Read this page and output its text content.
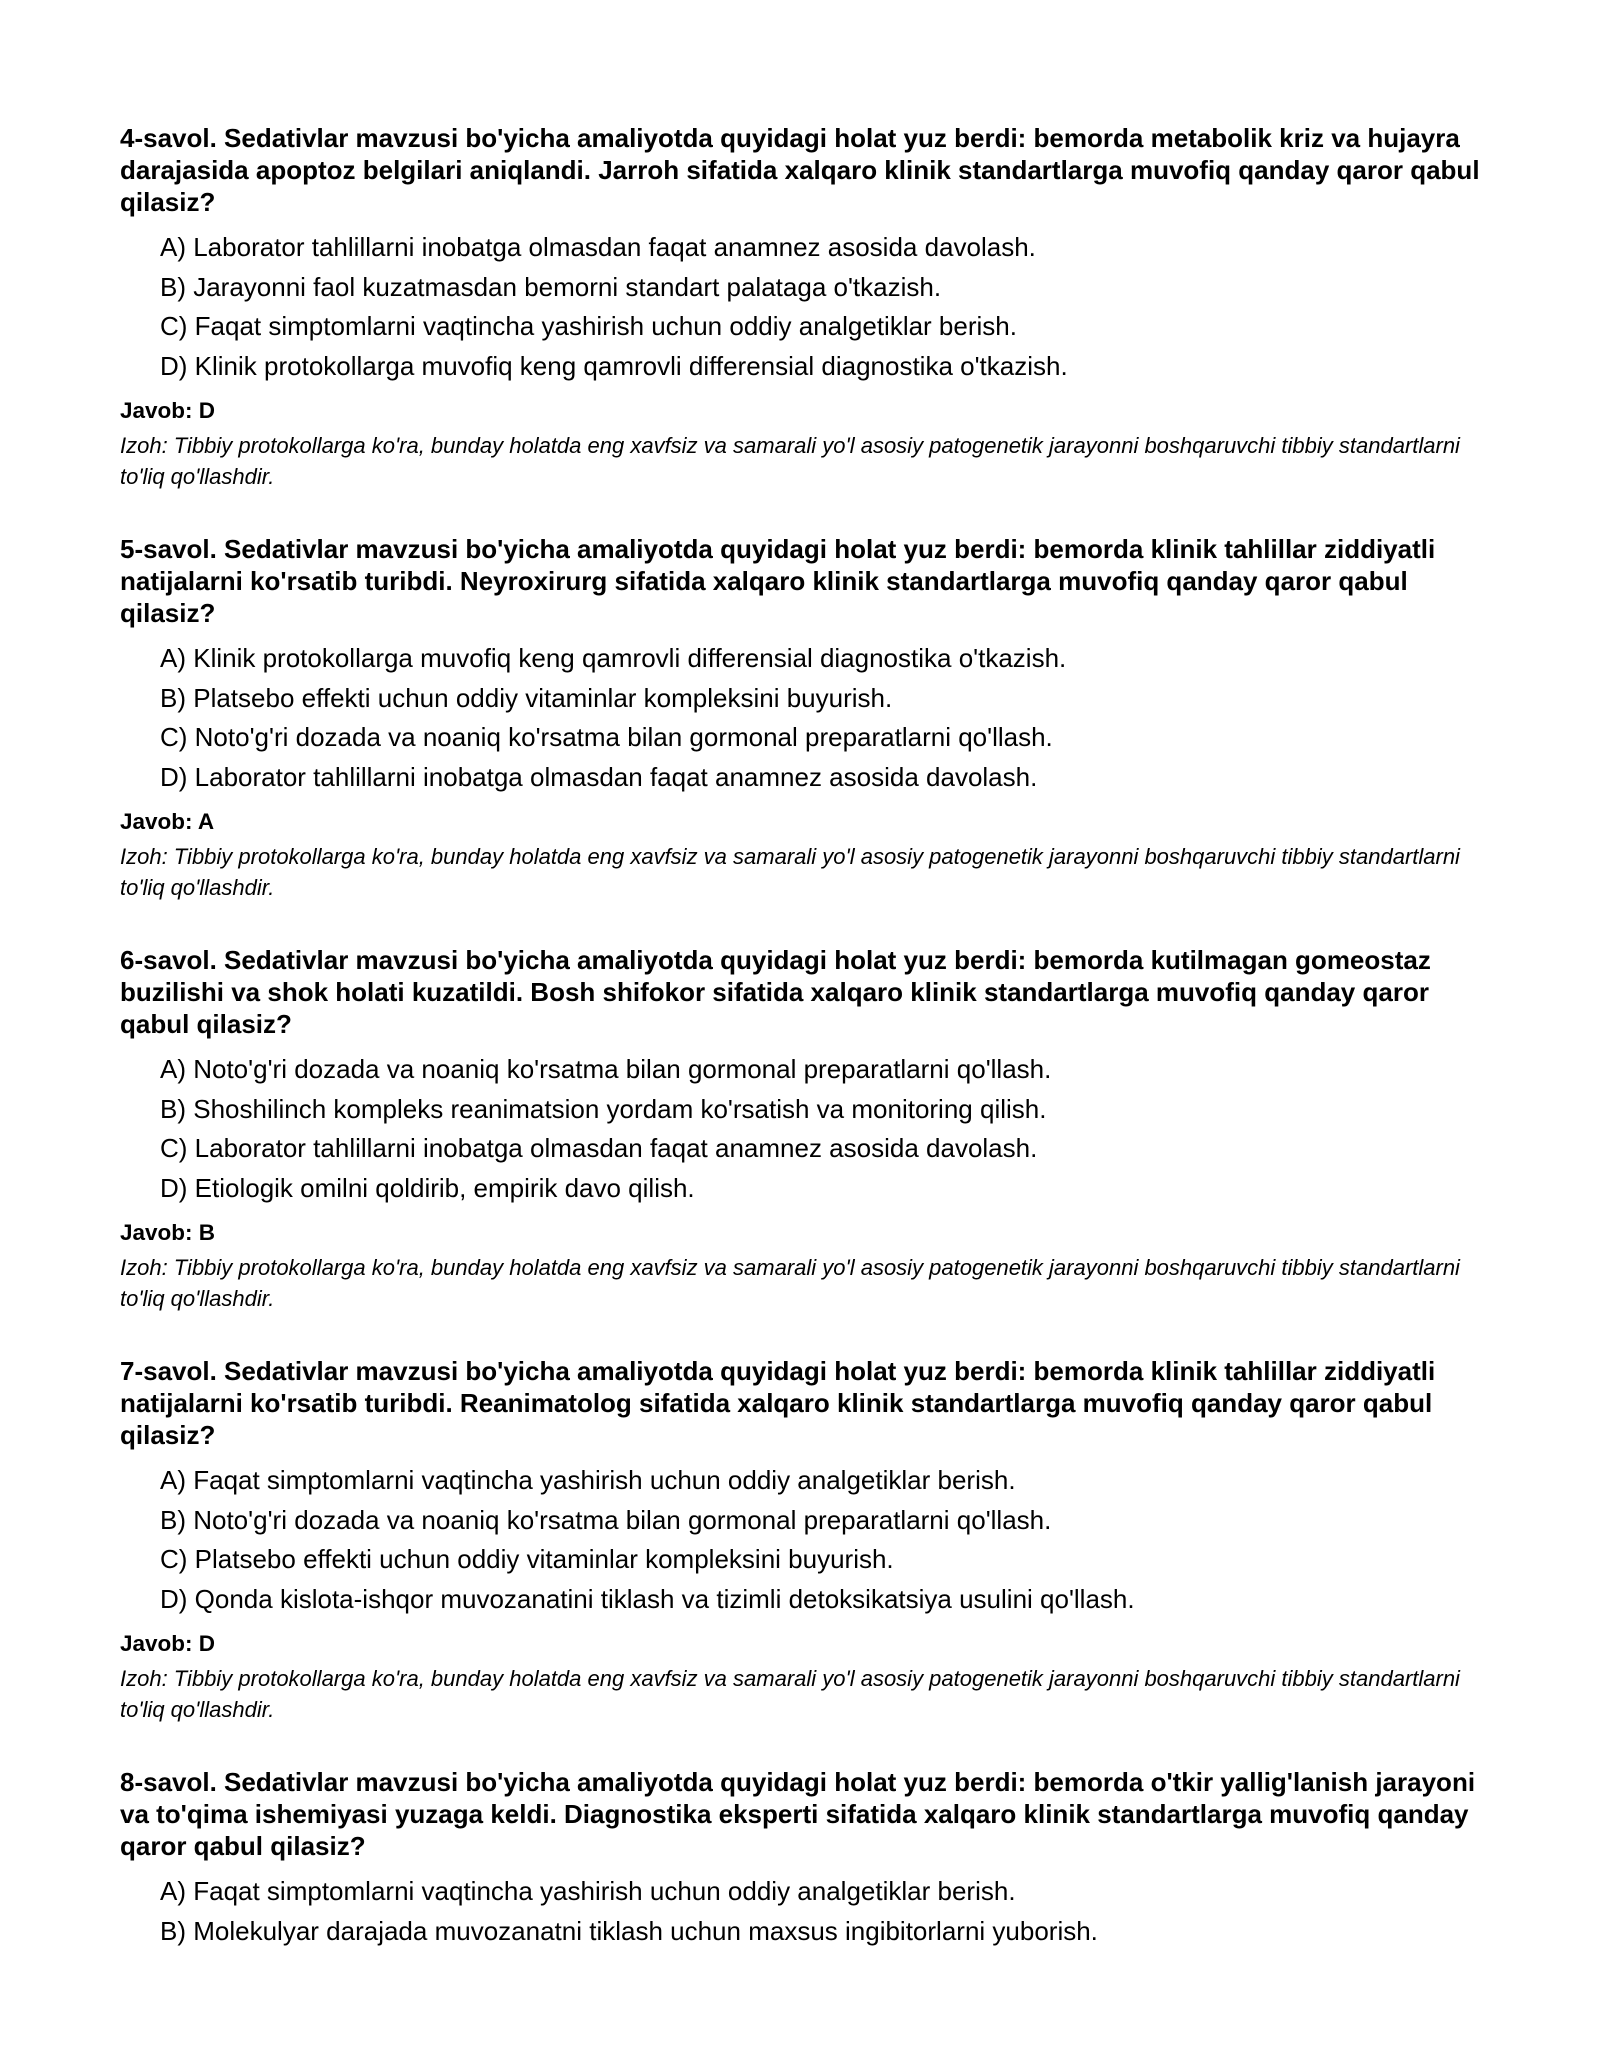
4-savol. Sedativlar mavzusi bo'yicha amaliyotda quyidagi holat yuz berdi: bemorda metabolik kriz va hujayra darajasida apoptoz belgilari aniqlandi. Jarroh sifatida xalqaro klinik standartlarga muvofiq qanday qaror qabul qilasiz?

A) Laborator tahlillarni inobatga olmasdan faqat anamnez asosida davolash.
B) Jarayonni faol kuzatmasdan bemorni standart palataga o'tkazish.
C) Faqat simptomlarni vaqtincha yashirish uchun oddiy analgetiklar berish.
D) Klinik protokollarga muvofiq keng qamrovli differensial diagnostika o'tkazish.

Javob: D

Izoh: Tibbiy protokollarga ko'ra, bunday holatda eng xavfsiz va samarali yo'l asosiy patogenetik jarayonni boshqaruvchi tibbiy standartlarni to'liq qo'llashdir.

5-savol. Sedativlar mavzusi bo'yicha amaliyotda quyidagi holat yuz berdi: bemorda klinik tahlillar ziddiyatli natijalarni ko'rsatib turibdi. Neyroxirurg sifatida xalqaro klinik standartlarga muvofiq qanday qaror qabul qilasiz?

A) Klinik protokollarga muvofiq keng qamrovli differensial diagnostika o'tkazish.
B) Platsebo effekti uchun oddiy vitaminlar kompleksini buyurish.
C) Noto'g'ri dozada va noaniq ko'rsatma bilan gormonal preparatlarni qo'llash.
D) Laborator tahlillarni inobatga olmasdan faqat anamnez asosida davolash.

Javob: A

Izoh: Tibbiy protokollarga ko'ra, bunday holatda eng xavfsiz va samarali yo'l asosiy patogenetik jarayonni boshqaruvchi tibbiy standartlarni to'liq qo'llashdir.

6-savol. Sedativlar mavzusi bo'yicha amaliyotda quyidagi holat yuz berdi: bemorda kutilmagan gomeostaz buzilishi va shok holati kuzatildi. Bosh shifokor sifatida xalqaro klinik standartlarga muvofiq qanday qaror qabul qilasiz?

A) Noto'g'ri dozada va noaniq ko'rsatma bilan gormonal preparatlarni qo'llash.
B) Shoshilinch kompleks reanimatsion yordam ko'rsatish va monitoring qilish.
C) Laborator tahlillarni inobatga olmasdan faqat anamnez asosida davolash.
D) Etiologik omilni qoldirib, empirik davo qilish.

Javob: B

Izoh: Tibbiy protokollarga ko'ra, bunday holatda eng xavfsiz va samarali yo'l asosiy patogenetik jarayonni boshqaruvchi tibbiy standartlarni to'liq qo'llashdir.

7-savol. Sedativlar mavzusi bo'yicha amaliyotda quyidagi holat yuz berdi: bemorda klinik tahlillar ziddiyatli natijalarni ko'rsatib turibdi. Reanimatolog sifatida xalqaro klinik standartlarga muvofiq qanday qaror qabul qilasiz?

A) Faqat simptomlarni vaqtincha yashirish uchun oddiy analgetiklar berish.
B) Noto'g'ri dozada va noaniq ko'rsatma bilan gormonal preparatlarni qo'llash.
C) Platsebo effekti uchun oddiy vitaminlar kompleksini buyurish.
D) Qonda kislota-ishqor muvozanatini tiklash va tizimli detoksikatsiya usulini qo'llash.

Javob: D

Izoh: Tibbiy protokollarga ko'ra, bunday holatda eng xavfsiz va samarali yo'l asosiy patogenetik jarayonni boshqaruvchi tibbiy standartlarni to'liq qo'llashdir.

8-savol. Sedativlar mavzusi bo'yicha amaliyotda quyidagi holat yuz berdi: bemorda o'tkir yallig'lanish jarayoni va to'qima ishemiyasi yuzaga keldi. Diagnostika eksperti sifatida xalqaro klinik standartlarga muvofiq qanday qaror qabul qilasiz?

A) Faqat simptomlarni vaqtincha yashirish uchun oddiy analgetiklar berish.
B) Molekulyar darajada muvozanatni tiklash uchun maxsus ingibitorlarni yuborish.
